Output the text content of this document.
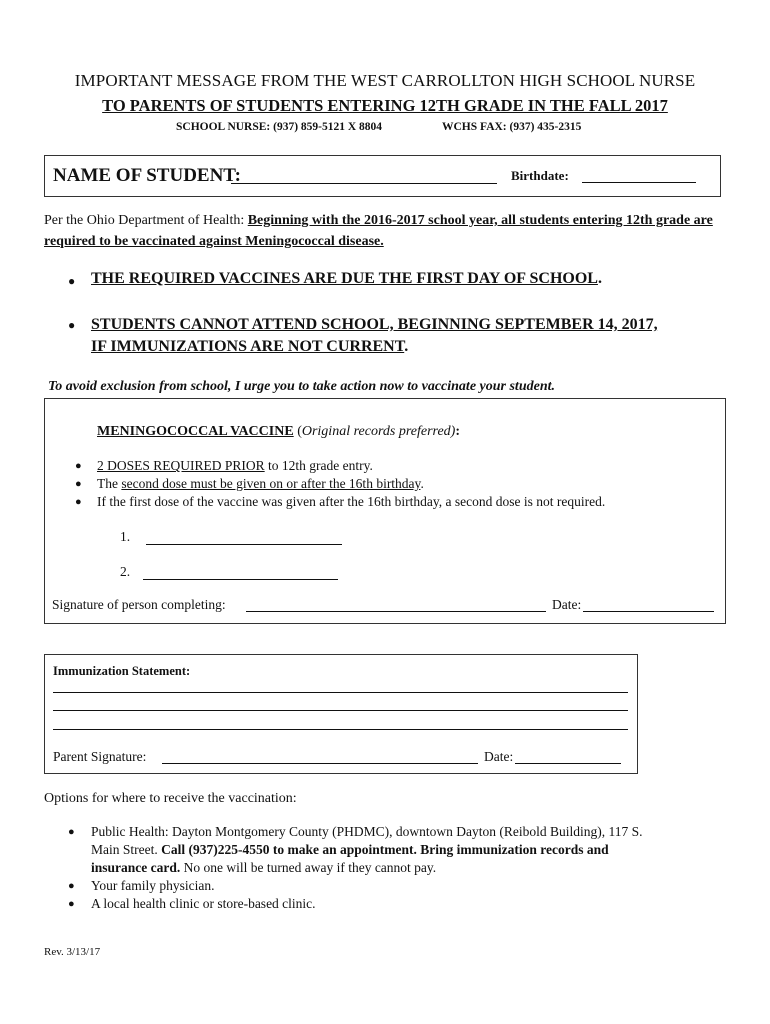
IMPORTANT MESSAGE FROM THE WEST CARROLLTON HIGH SCHOOL NURSE
TO PARENTS OF STUDENTS ENTERING 12TH GRADE IN THE FALL 2017
SCHOOL NURSE: (937) 859-5121 X 8804	WCHS FAX: (937) 435-2315
NAME OF STUDENT:	Birthdate:
Per the Ohio Department of Health: Beginning with the 2016-2017 school year, all students entering 12th grade are required to be vaccinated against Meningococcal disease.
● THE REQUIRED VACCINES ARE DUE THE FIRST DAY OF SCHOOL.
● STUDENTS CANNOT ATTEND SCHOOL, BEGINNING SEPTEMBER 14, 2017,
IF IMMUNIZATIONS ARE NOT CURRENT.
To avoid exclusion from school, I urge you to take action now to vaccinate your student.
MENINGOCOCCAL VACCINE (Original records preferred):
● 2 DOSES REQUIRED PRIOR to 12th grade entry.
● The second dose must be given on or after the 16th birthday.
● If the first dose of the vaccine was given after the 16th birthday, a second dose is not required.
1.
2.
Signature of person completing:	Date:
Immunization Statement:
Parent Signature:	Date:
Options for where to receive the vaccination:
● Public Health: Dayton Montgomery County (PHDMC), downtown Dayton (Reibold Building), 117 S.
Main Street. Call (937)225-4550 to make an appointment. Bring immunization records and
insurance card. No one will be turned away if they cannot pay.
● Your family physician.
● A local health clinic or store-based clinic.
Rev. 3/13/17
